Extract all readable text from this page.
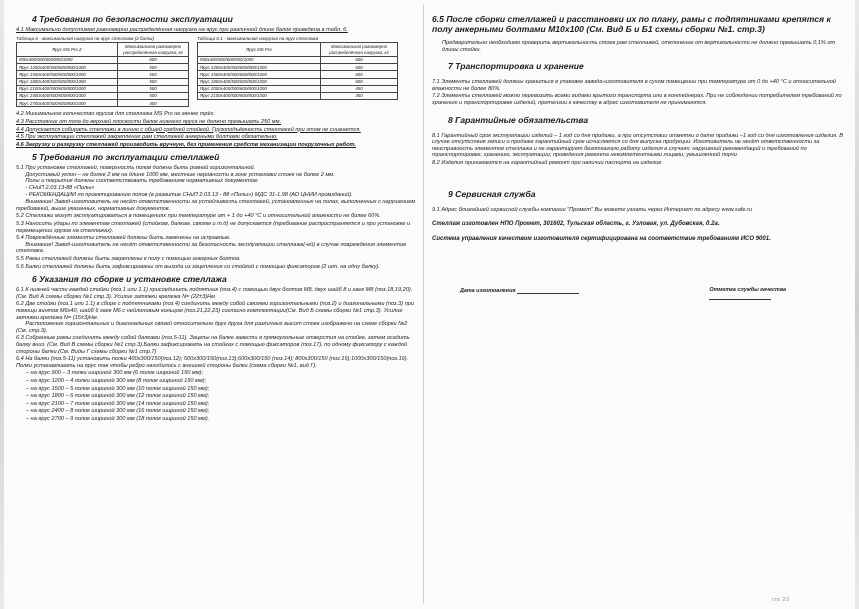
4 Требования по безопасности эксплуатации
4.1 Максимально допустимая равномерно распределённая нагрузка на ярус при различной длине балок приведена в табл. 6.
Таблица 6 - максимальная нагрузка на ярус стеллажа (2 балки)
Ярус MS Pro Z	Максимальная равномерно распределённая нагрузка, кг
900x400/500/600/800/1000	600
Ярус 1200x400/500/600/800/1000	500
Ярус 1500x400/500/600/800/1000	500
Ярус 1800x400/500/600/800/1000	500
Ярус 2100x400/500/600/800/1000	500
Ярус 2400x400/500/600/800/1000	500
Ярус 2700x400/500/600/800/1000	400
Таблица 6.1 - максимальная нагрузка на ярус стеллажа
Ярус MS Pro	Максимальная равномерно распределённая нагрузка, кг
900x400/500/600/800/1000	600
Ярус 1200x400/500/600/800/1000	600
Ярус 1500x400/500/600/800/1000	600
Ярус 1800x400/500/600/800/1000	600
Ярус 2000x400/500/600/800/1000	450
Ярус 2100x400/500/600/800/1000	350
4.2 Минимальное количество ярусов для стеллажа MS Pro не менее трёх.
4.3 Расстояние от пола до верхней плоскости балок нижнего яруса не должно превышать 250 мм.
4.4 Допускается собирать стеллажи в линию с общей средней стойкой. Грузоподъёмность стеллажей при этом не снижается.
4.5 При эксплуатации стеллажей закрепление рам стеллажей анкерными болтами обязательно.
4.6 Загрузку и разгрузку стеллажей производить вручную, без применения средств механизации погрузочных работ.
5 Требования по эксплуатации стеллажей
5.1 При установке стеллажей, поверхность полов должна быть ровной горизонтальной.
Допустимый уклон – не более 2 мм на длине 1000 мм, местные неровности в зоне установки стоек не более 2 мм.
Полы и покрытия должны соответствовать требованиям нормативных документов:
- СНиП 2.03.13-88 «Полы»
- РЕКОМЕНДАЦИИ по проектированию полов (в развитие СНиП 2.03.13 - 88 «Полы») МДС 31-1.98 (АО ЦНИИ промзданий).
Внимание! Завод-изготовитель не несёт ответственности за устойчивость стеллажей, установленных на полах, выполненных с нарушением требований, выше указанных, нормативных документов.
5.2 Стеллажи могут эксплуатироваться в помещениях при температуре от + 1 до +40 °С и относительной влажности не более 60%.
5.3 Наносить удары по элементам стеллажей (стойкам, балкам, связям и т.д) не допускается (требование распространяется и при установке и перемещении грузов на стеллажах).
5.4 Повреждённые элементы стеллажей должны быть заменены на исправные.
Внимание! Завод-изготовитель не несёт ответственности за безопасность эксплуатации стеллажа(-ей) в случае повреждения элементов стеллажа.
5.5 Рамы стеллажей должны быть закреплены к полу с помощью анкерных болтов.
5.6 Балки стеллажей должны быть зафиксированы от выхода из зацепления со стойкой с помощью фиксаторов (2 шт. на одну балку).
6 Указания по сборке и установке стеллажа
6.1 К нижней части каждой стойки (поз.1 или 1.1) присоединить подпятник (поз.4) с помощью двух болтов М8, двух шайб 8 и гаек М8 (поз.18,19,20). (См. Вид А схемы сборки №1 стр.3). Усилие затяжки крепежа N= (22±3)Нм
6.2 Две стойки (поз.1 или 1.1) в сборе с подпятниками (поз.4) соединить между собой связями горизонтальными (поз.2) и диагональными (поз.3) при помощи винтов М6х40, шайб 6 гаек М6 с нейлоновым кольцом (поз.21,22,23) согласно комплектации(См. Вид Б схемы сборки №1 стр.3). Усилие затяжки крепежа N= (15±3)Нм.
Расположение горизонтальных и диагональных связей относительно друг друга для различных высот стоек изображено на схеме сборки №2 (См. стр.3).
6.3 Собранные рамы соединить между собой балками (поз.5-11). Зацепы на балке завести в прямоугольные отверстия на стойке, затем осадить балку вниз. (См. Вид В схемы сборки №1 стр.3).Балки зафиксировать на стойках с помощью фиксаторов (поз.17), по одному фиксатору с каждой стороны балки.(См. Виды Г схемы сборки №1 стр.7)
6.4 На балки (поз.5-11) установить полки 400x300/150(поз.12); 500x300/150(поз.13);600x300/150 (поз.14); 800x300/150 (поз.15);1000x300/150(поз.16). Полки устанавливать на ярус так чтобы ребро находилось с внешней стороны балки (схема сборки №1, вид Г).
– на ярус 900 – 3 полки шириной 300 мм (6 полок шириной 150 мм);
– на ярус 1200 – 4 полки шириной 300 мм (8 полок шириной 150 мм);
– на ярус 1500 – 5 полок шириной 300 мм (10 полок шириной 150 мм);
– на ярус 1800 – 6 полок шириной 300 мм (12 полок шириной 150 мм);
– на ярус 2100 – 7 полок шириной 300 мм (14 полок шириной 150 мм);
– на ярус 2400 – 8 полок шириной 300 мм (16 полок шириной 150 мм);
– на ярус 2700 – 9 полок шириной 300 мм (18 полок шириной 150 мм).
6.5 После сборки стеллажей и расстановки их по плану, рамы с подпятниками крепятся к полу анкерными болтами М10х100 (См. Вид Б и Б1 схемы сборки №1. стр.3)
Предварительно необходимо проверить вертикальность стоек рам стеллажей, отклонение от вертикальности не должно превышать 0,1% от длины стойки.
7 Транспортировка и хранение
7.1 Элементы стеллажей должны храниться в упаковке завода-изготовителя в сухом помещении при температуре от 0 до +40 °С и относительной влажности не более 80%.
7.2 Элементы стеллажей можно перевозить всеми видами крытого транспорта или в контейнерах. При не соблюдении потребителем требований по хранению и транспортировке изделий, претензии к качеству в адрес изготовителя не принимаются.
8 Гарантийные обязательства
8.1 Гарантийный срок эксплуатации изделий – 1 год со дня продажи, а при отсутствии отметки о дате продажи –1 год со дня изготовления изделия. В случае отсутствия записи о продаже гарантийный срок исчисляется со дня выпуска продукции. Изготовитель не несёт ответственности за неисправность элементов стеллажа и не гарантирует безотказную работу изделия в случаях: нарушений рекомендаций и требований по транспортировке, хранению, эксплуатации; проведения ремонта некомпетентными лицами; умышленной порчи
8.2 Изделия принимаются на гарантийный ремонт при наличии паспорта на изделие
9 Сервисная служба
9.1 Адрес ближайшей сервисной службы компании "Промет" Вы можете узнать через Интернет по адресу www.safe.ru
Стеллаж изготовлен НПО Промет, 301602, Тульская область, г. Узловая, ул. Дубовская, д.2а.
Система управления качеством изготовителя сертифицирована на соответствие требованиям ИСО 9001.
Дата изготовления	Отметка службы качества
стр. 2/3
